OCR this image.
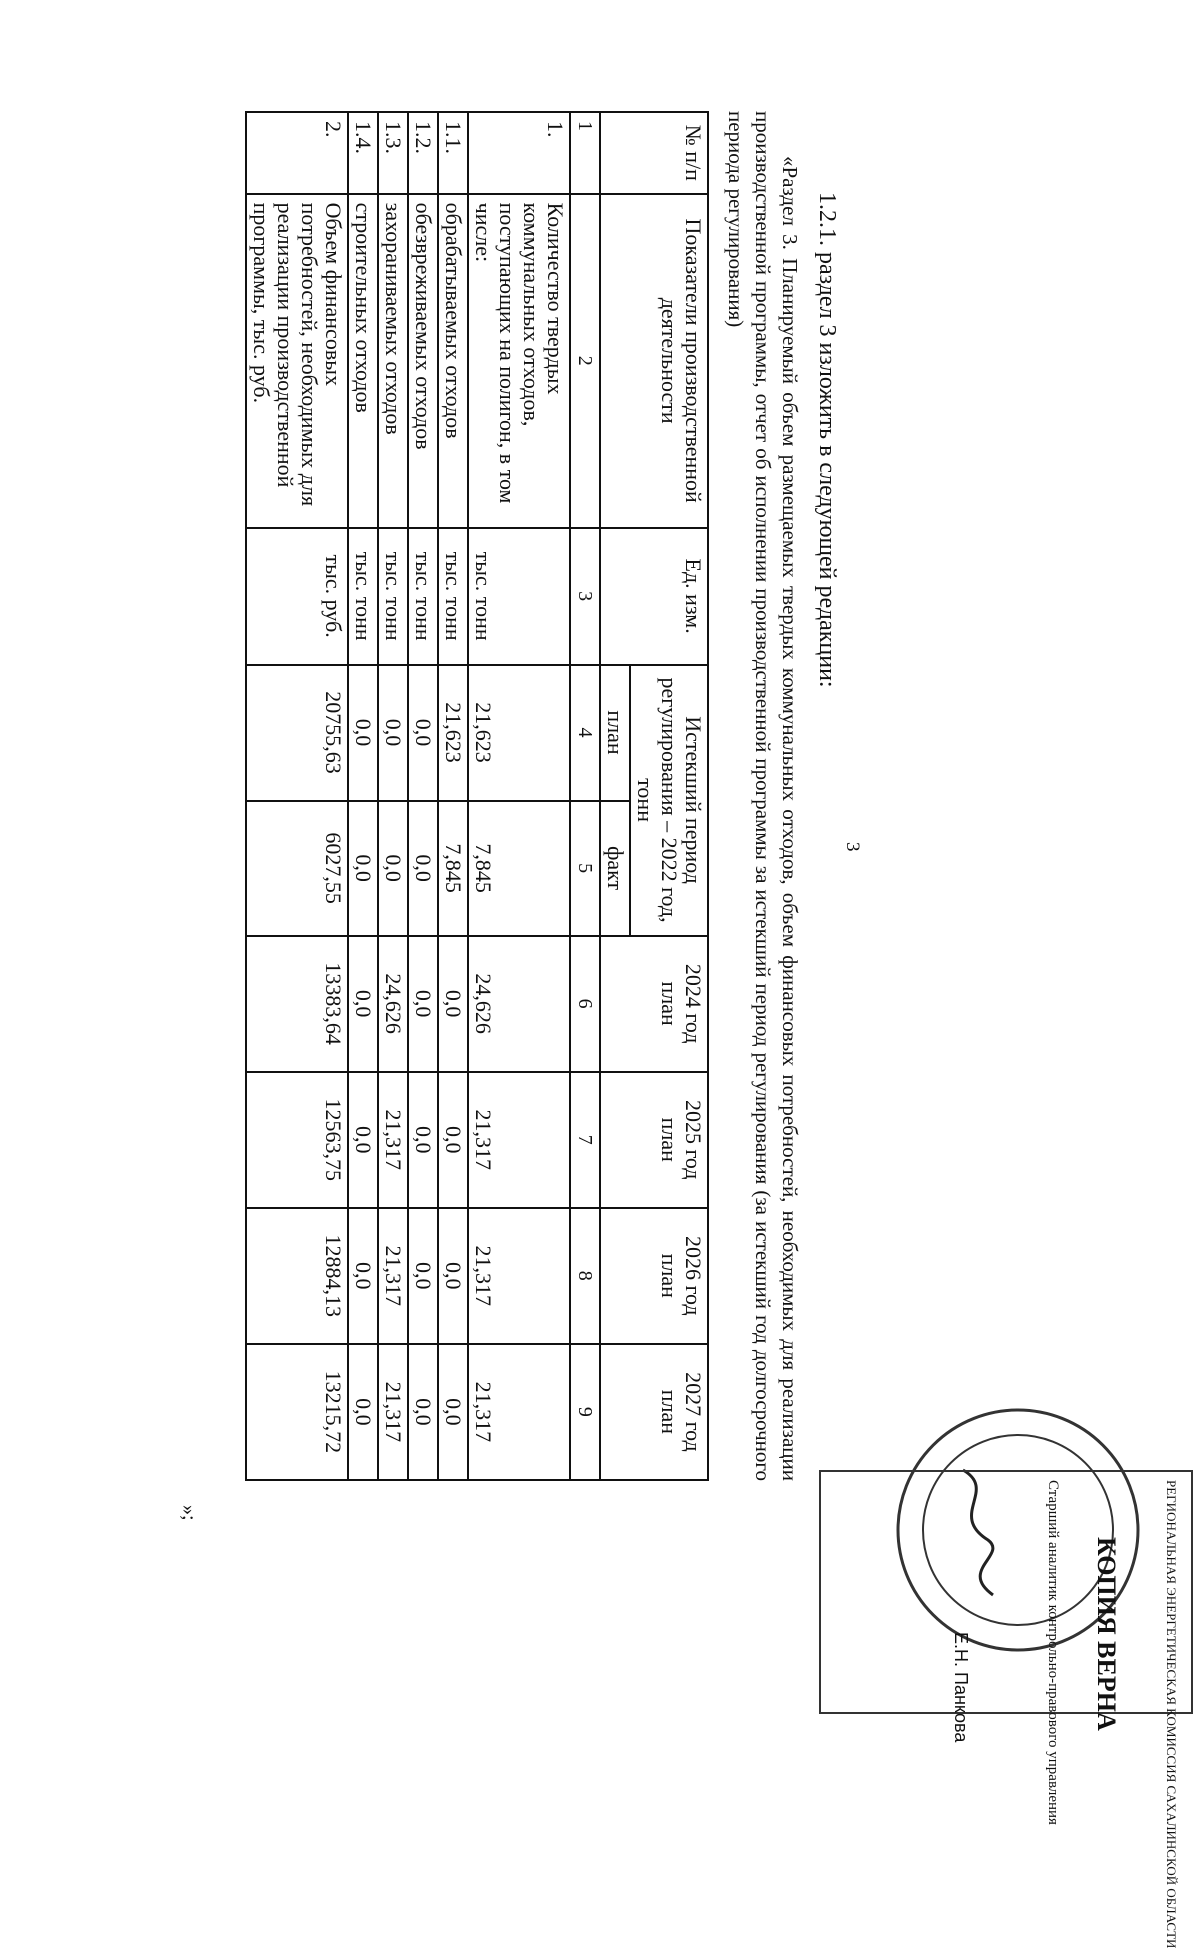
3
1.2.1. раздел 3 изложить в следующей редакции:
«Раздел 3. Планируемый объем размещаемых твердых коммунальных отходов, объем финансовых потребностей, необходимых для реализации производственной программы, отчет об исполнении производственной программы за истекший период регулирования (за истекший год долгосрочного периода регулирования)
№ п/п	Показатели производственной деятельности	Ед. изм.	Истекший период регулирования – 2022 год, тонн		2024 год план	2025 год план	2026 год план	2027 год план
			план	факт				
1	2	3	4	5	6	7	8	9
1.	Количество твердых коммунальных отходов, поступающих на полигон, в том числе:	тыс. тонн	21,623	7,845	24,626	21,317	21,317	21,317
1.1.	обрабатываемых отходов	тыс. тонн	21,623	7,845	0,0	0,0	0,0	0,0
1.2.	обезвреживаемых отходов	тыс. тонн	0,0	0,0	0,0	0,0	0,0	0,0
1.3.	захораниваемых отходов	тыс. тонн	0,0	0,0	24,626	21,317	21,317	21,317
1.4.	строительных отходов	тыс. тонн	0,0	0,0	0,0	0,0	0,0	0,0
2.	Объем финансовых потребностей, необходимых для реализации производственной программы, тыс. руб.	тыс. руб.	20755,63	6027,55	13383,64	12563,75	12884,13	13215,72
»;	РЕГИОНАЛЬНАЯ ЭНЕРГЕТИЧЕСКАЯ КОМИССИЯ САХАЛИНСКОЙ ОБЛАСТИ
КОПИЯ ВЕРНА
Старший аналитик контрольно-правового управления
Е.Н. Панкова
